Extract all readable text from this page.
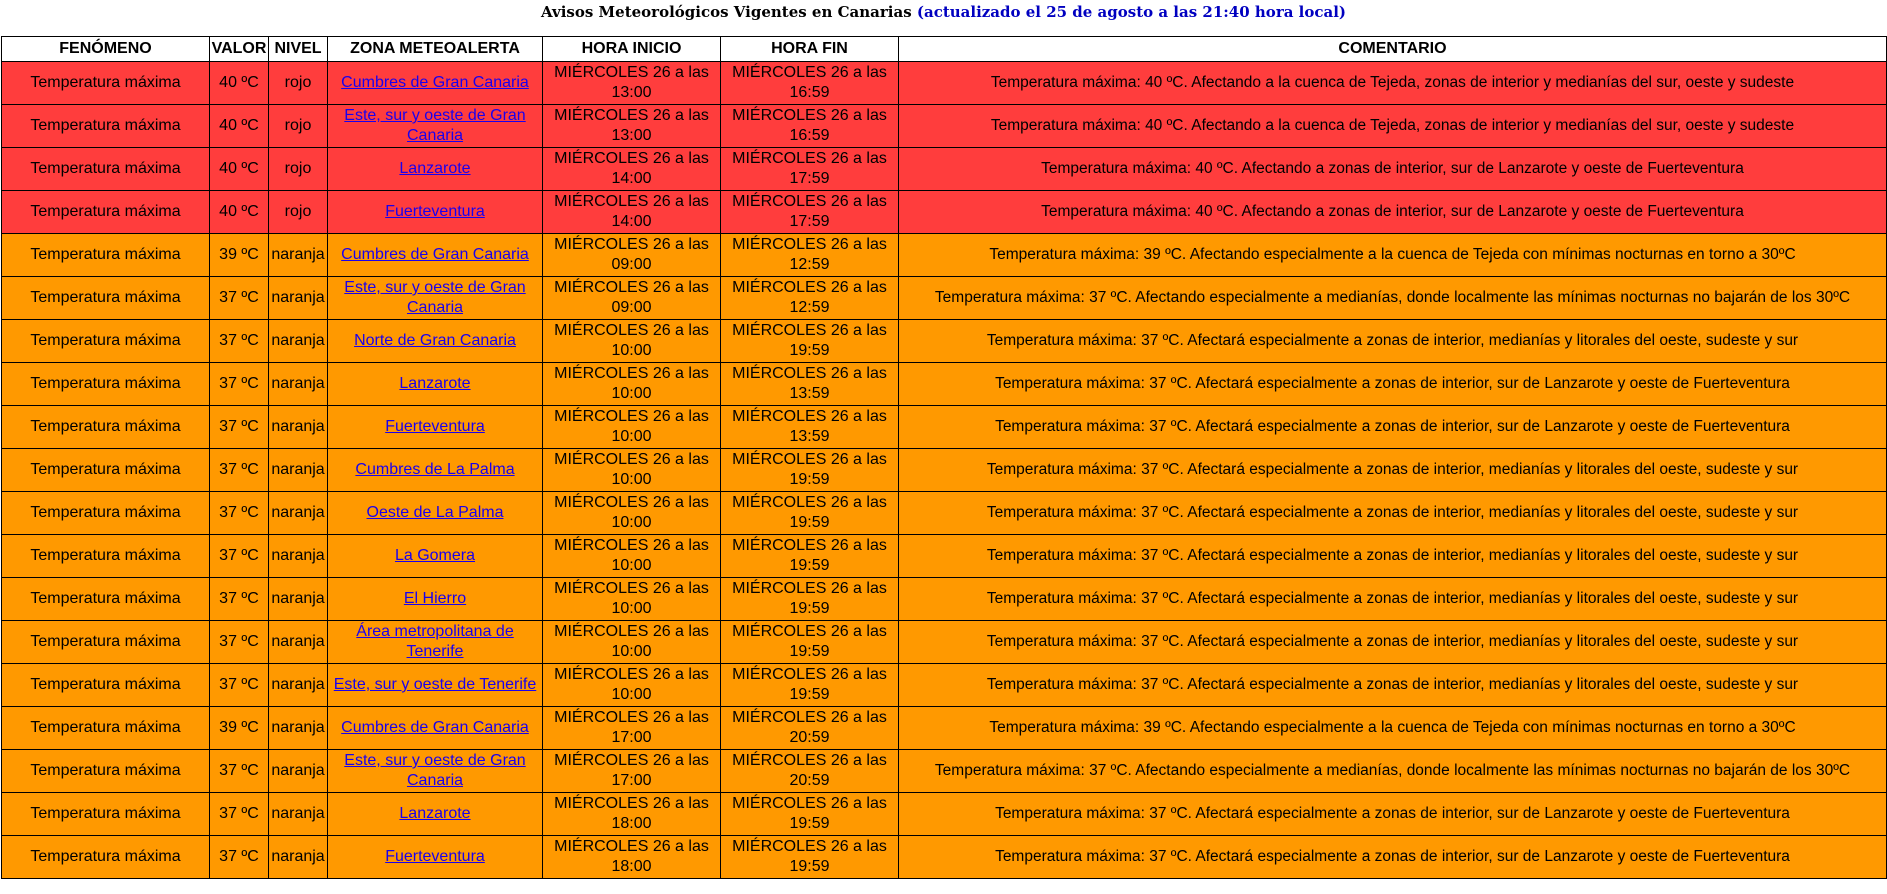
Avisos Meteorológicos Vigentes en Canarias (actualizado el 25 de agosto a las 21:40 hora local)
FENÓMENO	VALOR	NIVEL	ZONA METEOALERTA	HORA INICIO	HORA FIN	COMENTARIO
Temperatura máxima	40 ºC	rojo	Cumbres de Gran Canaria	MIÉRCOLES 26 a las 13:00	MIÉRCOLES 26 a las 16:59	Temperatura máxima: 40 ºC. Afectando a la cuenca de Tejeda, zonas de interior y medianías del sur, oeste y sudeste
Temperatura máxima	40 ºC	rojo	Este, sur y oeste de Gran Canaria	MIÉRCOLES 26 a las 13:00	MIÉRCOLES 26 a las 16:59	Temperatura máxima: 40 ºC. Afectando a la cuenca de Tejeda, zonas de interior y medianías del sur, oeste y sudeste
Temperatura máxima	40 ºC	rojo	Lanzarote	MIÉRCOLES 26 a las 14:00	MIÉRCOLES 26 a las 17:59	Temperatura máxima: 40 ºC. Afectando a zonas de interior, sur de Lanzarote y oeste de Fuerteventura
Temperatura máxima	40 ºC	rojo	Fuerteventura	MIÉRCOLES 26 a las 14:00	MIÉRCOLES 26 a las 17:59	Temperatura máxima: 40 ºC. Afectando a zonas de interior, sur de Lanzarote y oeste de Fuerteventura
Temperatura máxima	39 ºC	naranja	Cumbres de Gran Canaria	MIÉRCOLES 26 a las 09:00	MIÉRCOLES 26 a las 12:59	Temperatura máxima: 39 ºC. Afectando especialmente a la cuenca de Tejeda con mínimas nocturnas en torno a 30ºC
Temperatura máxima	37 ºC	naranja	Este, sur y oeste de Gran Canaria	MIÉRCOLES 26 a las 09:00	MIÉRCOLES 26 a las 12:59	Temperatura máxima: 37 ºC. Afectando especialmente a medianías, donde localmente las mínimas nocturnas no bajarán de los 30ºC
Temperatura máxima	37 ºC	naranja	Norte de Gran Canaria	MIÉRCOLES 26 a las 10:00	MIÉRCOLES 26 a las 19:59	Temperatura máxima: 37 ºC. Afectará especialmente a zonas de interior, medianías y litorales del oeste, sudeste y sur
Temperatura máxima	37 ºC	naranja	Lanzarote	MIÉRCOLES 26 a las 10:00	MIÉRCOLES 26 a las 13:59	Temperatura máxima: 37 ºC. Afectará especialmente a zonas de interior, sur de Lanzarote y oeste de Fuerteventura
Temperatura máxima	37 ºC	naranja	Fuerteventura	MIÉRCOLES 26 a las 10:00	MIÉRCOLES 26 a las 13:59	Temperatura máxima: 37 ºC. Afectará especialmente a zonas de interior, sur de Lanzarote y oeste de Fuerteventura
Temperatura máxima	37 ºC	naranja	Cumbres de La Palma	MIÉRCOLES 26 a las 10:00	MIÉRCOLES 26 a las 19:59	Temperatura máxima: 37 ºC. Afectará especialmente a zonas de interior, medianías y litorales del oeste, sudeste y sur
Temperatura máxima	37 ºC	naranja	Oeste de La Palma	MIÉRCOLES 26 a las 10:00	MIÉRCOLES 26 a las 19:59	Temperatura máxima: 37 ºC. Afectará especialmente a zonas de interior, medianías y litorales del oeste, sudeste y sur
Temperatura máxima	37 ºC	naranja	La Gomera	MIÉRCOLES 26 a las 10:00	MIÉRCOLES 26 a las 19:59	Temperatura máxima: 37 ºC. Afectará especialmente a zonas de interior, medianías y litorales del oeste, sudeste y sur
Temperatura máxima	37 ºC	naranja	El Hierro	MIÉRCOLES 26 a las 10:00	MIÉRCOLES 26 a las 19:59	Temperatura máxima: 37 ºC. Afectará especialmente a zonas de interior, medianías y litorales del oeste, sudeste y sur
Temperatura máxima	37 ºC	naranja	Área metropolitana de Tenerife	MIÉRCOLES 26 a las 10:00	MIÉRCOLES 26 a las 19:59	Temperatura máxima: 37 ºC. Afectará especialmente a zonas de interior, medianías y litorales del oeste, sudeste y sur
Temperatura máxima	37 ºC	naranja	Este, sur y oeste de Tenerife	MIÉRCOLES 26 a las 10:00	MIÉRCOLES 26 a las 19:59	Temperatura máxima: 37 ºC. Afectará especialmente a zonas de interior, medianías y litorales del oeste, sudeste y sur
Temperatura máxima	39 ºC	naranja	Cumbres de Gran Canaria	MIÉRCOLES 26 a las 17:00	MIÉRCOLES 26 a las 20:59	Temperatura máxima: 39 ºC. Afectando especialmente a la cuenca de Tejeda con mínimas nocturnas en torno a 30ºC
Temperatura máxima	37 ºC	naranja	Este, sur y oeste de Gran Canaria	MIÉRCOLES 26 a las 17:00	MIÉRCOLES 26 a las 20:59	Temperatura máxima: 37 ºC. Afectando especialmente a medianías, donde localmente las mínimas nocturnas no bajarán de los 30ºC
Temperatura máxima	37 ºC	naranja	Lanzarote	MIÉRCOLES 26 a las 18:00	MIÉRCOLES 26 a las 19:59	Temperatura máxima: 37 ºC. Afectará especialmente a zonas de interior, sur de Lanzarote y oeste de Fuerteventura
Temperatura máxima	37 ºC	naranja	Fuerteventura	MIÉRCOLES 26 a las 18:00	MIÉRCOLES 26 a las 19:59	Temperatura máxima: 37 ºC. Afectará especialmente a zonas de interior, sur de Lanzarote y oeste de Fuerteventura
